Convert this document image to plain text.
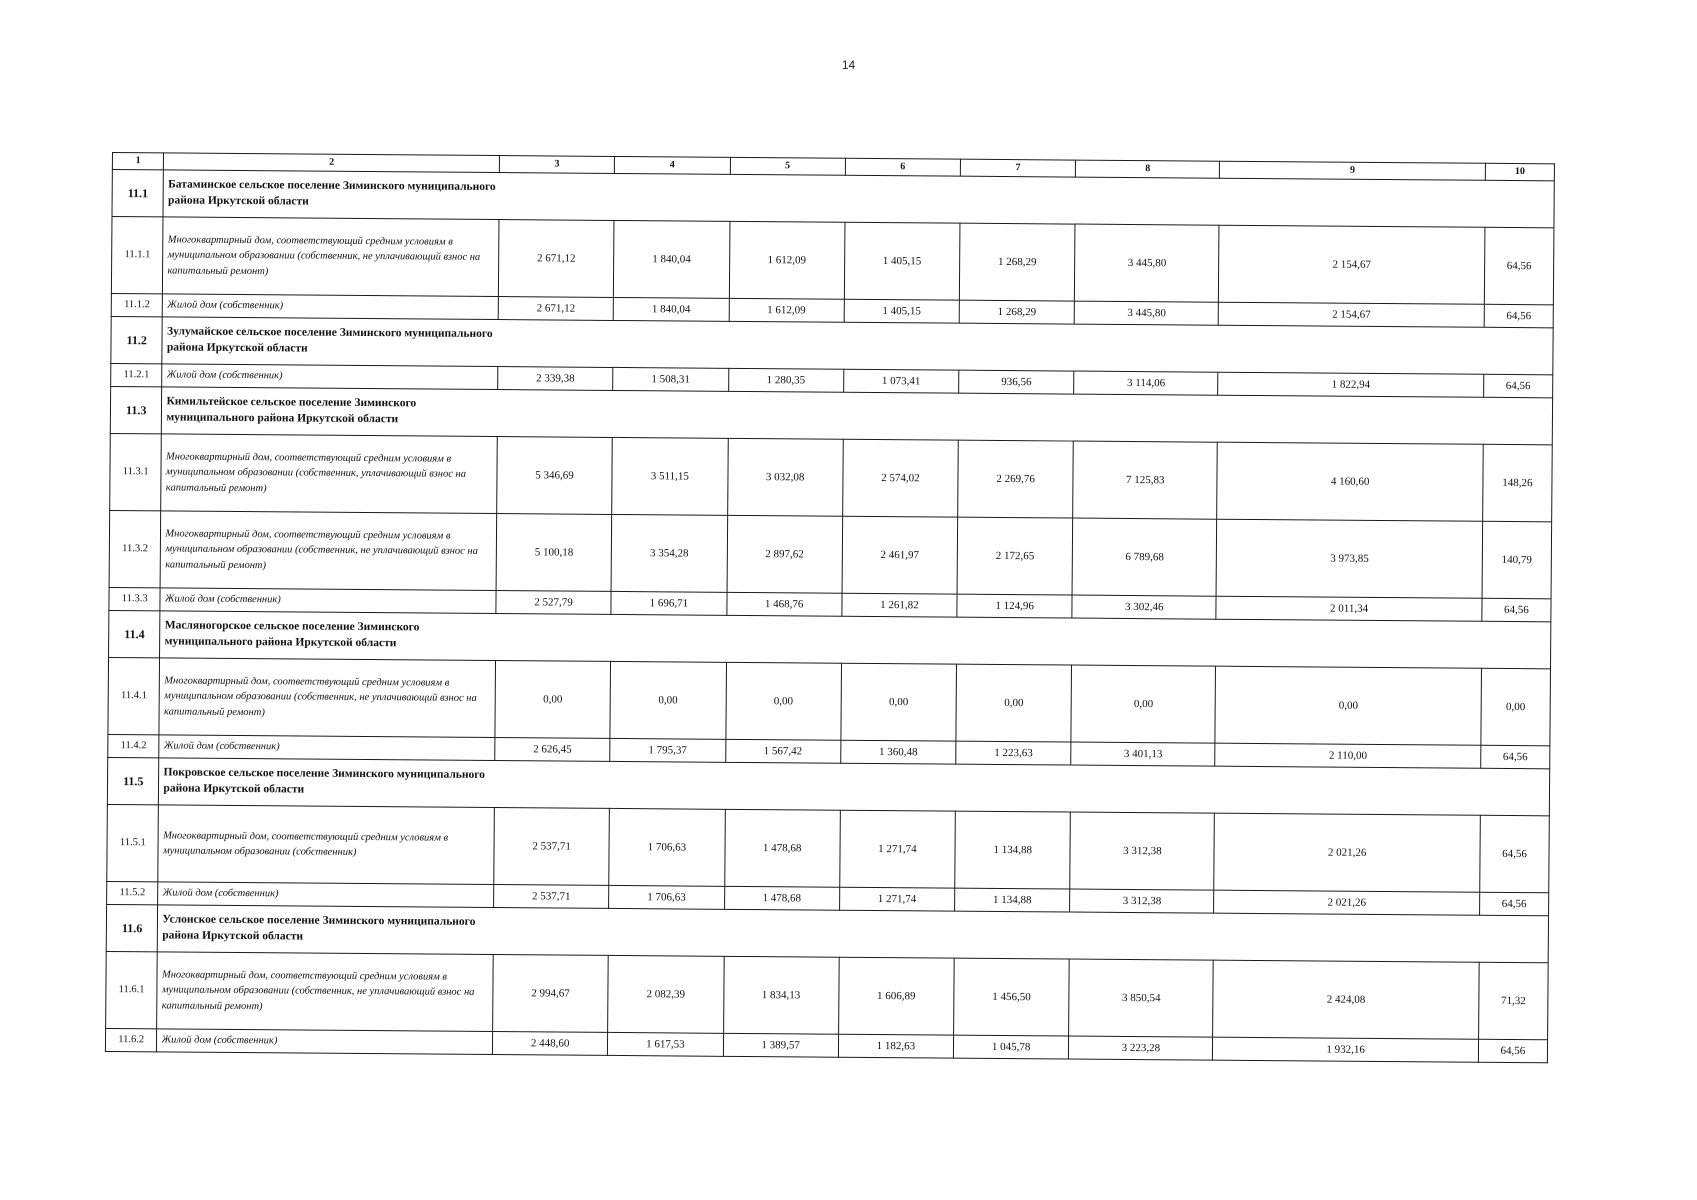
14
1	2	3	4	5	6	7	8	9	10
11.1	Батаминское сельское поселение Зиминского муниципального района Иркутской области								

11.1.1	Многоквартирный дом, соответствующий средним условиям в муниципальном образовании (собственник, не уплачивающий взнос на капитальный ремонт)	2 671,12	1 840,04	1 612,09	1 405,15	1 268,29	3 445,80	2 154,67	64,56
11.1.2	Жилой дом (собственник)	2 671,12	1 840,04	1 612,09	1 405,15	1 268,29	3 445,80	2 154,67	64,56
11.2	Зулумайское сельское поселение Зиминского муниципального района Иркутской области								

11.2.1	Жилой дом (собственник)	2 339,38	1 508,31	1 280,35	1 073,41	936,56	3 114,06	1 822,94	64,56
11.3	Кимильтейское сельское поселение Зиминского муниципального района Иркутской области								

11.3.1	Многоквартирный дом, соответствующий средним условиям в муниципальном образовании (собственник, уплачивающий взнос на капитальный ремонт)	5 346,69	3 511,15	3 032,08	2 574,02	2 269,76	7 125,83	4 160,60	148,26
11.3.2	Многоквартирный дом, соответствующий средним условиям в муниципальном образовании (собственник, не уплачивающий взнос на капитальный ремонт)	5 100,18	3 354,28	2 897,62	2 461,97	2 172,65	6 789,68	3 973,85	140,79
11.3.3	Жилой дом (собственник)	2 527,79	1 696,71	1 468,76	1 261,82	1 124,96	3 302,46	2 011,34	64,56
11.4	Масляногорское сельское поселение Зиминского муниципального района Иркутской области								

11.4.1	Многоквартирный дом, соответствующий средним условиям в муниципальном образовании (собственник, не уплачивающий взнос на капитальный ремонт)	0,00	0,00	0,00	0,00	0,00	0,00	0,00	0,00
11.4.2	Жилой дом (собственник)	2 626,45	1 795,37	1 567,42	1 360,48	1 223,63	3 401,13	2 110,00	64,56
11.5	Покровское сельское поселение Зиминского муниципального района Иркутской области								

11.5.1	Многоквартирный дом, соответствующий средним условиям в муниципальном образовании (собственник)	2 537,71	1 706,63	1 478,68	1 271,74	1 134,88	3 312,38	2 021,26	64,56
11.5.2	Жилой дом (собственник)	2 537,71	1 706,63	1 478,68	1 271,74	1 134,88	3 312,38	2 021,26	64,56
11.6	Услонское сельское поселение Зиминского муниципального района Иркутской области								

11.6.1	Многоквартирный дом, соответствующий средним условиям в муниципальном образовании (собственник, не уплачивающий взнос на капитальный ремонт)	2 994,67	2 082,39	1 834,13	1 606,89	1 456,50	3 850,54	2 424,08	71,32
11.6.2	Жилой дом (собственник)	2 448,60	1 617,53	1 389,57	1 182,63	1 045,78	3 223,28	1 932,16	64,56
